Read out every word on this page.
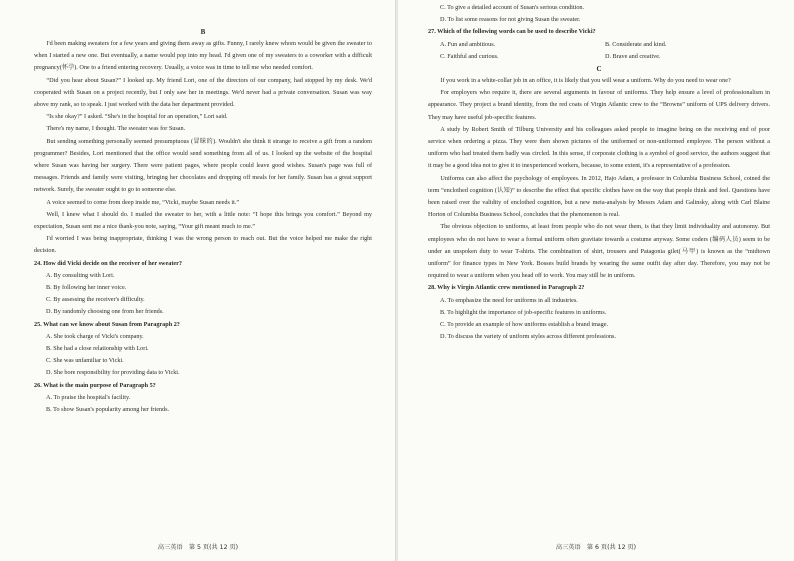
B

I'd been making sweaters for a few years and giving them away as gifts. Funny, I rarely knew whom would be given the sweater to when I started a new one. But eventually, a name would pop into my head. I'd given one of my sweaters to a coworker with a difficult pregnancy(怀孕). One to a friend entering recovery. Usually, a voice was in time to tell me who needed comfort.

“Did you hear about Susan?” I looked up. My friend Lori, one of the directors of our company, had stopped by my desk. We'd cooperated with Susan on a project recently, but I only saw her in meetings. We'd never had a private conversation. Susan was way above my rank, so to speak. I just worked with the data her department provided.

“Is she okay?” I asked. “She's in the hospital for an operation,” Lori said.

There's my name, I thought. The sweater was for Susan.

But sending something personally seemed presumptuous (冒昧的). Wouldn't she think it strange to receive a gift from a random programmer? Besides, Lori mentioned that the office would send something from all of us. I looked up the website of the hospital where Susan was having her surgery. There were patient pages, where people could leave good wishes. Susan's page was full of messages. Friends and family were visiting, bringing her chocolates and dropping off meals for her family. Susan has a great support network. Surely, the sweater ought to go to someone else.

A voice seemed to come from deep inside me, “Vicki, maybe Susan needs it.”

Well, I knew what I should do. I mailed the sweater to her, with a little note: “I hope this brings you comfort.” Beyond my expectation, Susan sent me a nice thank-you note, saying, “Your gift meant much to me.”

I'd worried I was being inappropriate, thinking I was the wrong person to reach out. But the voice helped me make the right decision.

24. How did Vicki decide on the receiver of her sweater?

A. By consulting with Lori.

B. By following her inner voice.

C. By assessing the receiver's difficulty.

D. By randomly choosing one from her friends.

25. What can we know about Susan from Paragraph 2?

A. She took charge of Vicki's company.

B. She had a close relationship with Lori.

C. She was unfamiliar to Vicki.

D. She bore responsibility for providing data to Vicki.

26. What is the main purpose of Paragraph 5?

A. To praise the hospital's facility.

B. To show Susan's popularity among her friends.

高三英语　第 5 页(共 12 页)

C. To give a detailed account of Susan's serious condition.

D. To list some reasons for not giving Susan the sweater.

27. Which of the following words can be used to describe Vicki?

A. Fun and ambitious.	B. Considerate and kind.
C. Faithful and curious.	D. Brave and creative.
C

If you work in a white-collar job in an office, it is likely that you will wear a uniform. Why do you need to wear one?

For employers who require it, there are several arguments in favour of uniforms. They help ensure a level of professionalism in appearance. They project a brand identity, from the red coats of Virgin Atlantic crew to the “Browns” uniform of UPS delivery drivers. They may have useful job-specific features.

A study by Robert Smith of Tilburg University and his colleagues asked people to imagine being on the receiving end of poor service when ordering a pizza. They were then shown pictures of the uniformed or non-uniformed employee. The person without a uniform who had treated them badly was circled. In this sense, if corporate clothing is a symbol of good service, the authors suggest that it may be a good idea not to give it to inexperienced workers, because, to some extent, it's a representative of a profession.

Uniforms can also affect the psychology of employees. In 2012, Hajo Adam, a professor in Columbia Business School, coined the term “enclothed cognition (认知)” to describe the effect that specific clothes have on the way that people think and feel. Questions have been raised over the validity of enclothed cognition, but a new meta-analysis by Messrs Adam and Galinsky, along with Carl Blaine Horton of Columbia Business School, concludes that the phenomenon is real.

The obvious objection to uniforms, at least from people who do not wear them, is that they limit individuality and autonomy. But employees who do not have to wear a formal uniform often gravitate towards a costume anyway. Some coders (编码人员) seem to be under an unspoken duty to wear T-shirts. The combination of shirt, trousers and Patagonia gilet(马甲) is known as the “midtown uniform” for finance types in New York. Bosses build brands by wearing the same outfit day after day. Therefore, you may not be required to wear a uniform when you head off to work. You may still be in uniform.

28. Why is Virgin Atlantic crew mentioned in Paragraph 2?

A. To emphasize the need for uniforms in all industries.

B. To highlight the importance of job-specific features in uniforms.

C. To provide an example of how uniforms establish a brand image.

D. To discuss the variety of uniform styles across different professions.

高三英语　第 6 页(共 12 页)
